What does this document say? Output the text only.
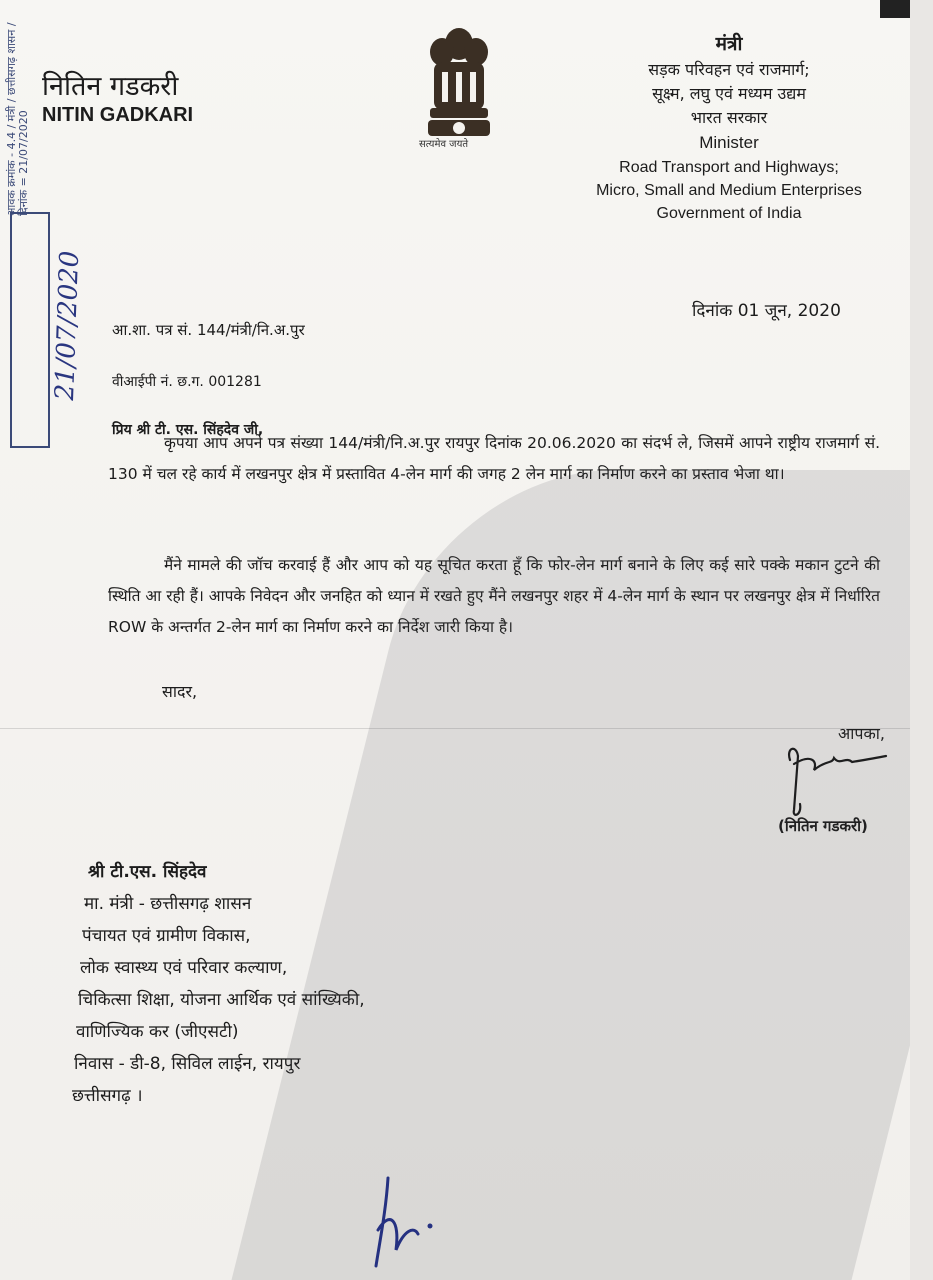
नितिन गडकरी
NITIN GADKARI
सत्यमेव जयते
मंत्री
सड़क परिवहन एवं राजमार्ग;
सूक्ष्म, लघु एवं मध्यम उद्यम
भारत सरकार
Minister
Road Transport and Highways;
Micro, Small and Medium Enterprises
Government of India
आवक क्रमांक - 4.4 / मंत्री / छत्तीसगढ़ शासन / दिनांक = 21/07/2020
21/07/2020	दिनांक 01 जून, 2020
आ.शा. पत्र सं. 144/मंत्री/नि.अ.पुर
वीआईपी नं. छ.ग. 001281
प्रिय श्री टी. एस. सिंहदेव जी,
कृपया आप अपने पत्र संख्या 144/मंत्री/नि.अ.पुर रायपुर दिनांक 20.06.2020 का संदर्भ ले, जिसमें आपने राष्ट्रीय राजमार्ग सं. 130 में चल रहे कार्य में लखनपुर क्षेत्र में प्रस्तावित 4-लेन मार्ग की जगह 2 लेन मार्ग का निर्माण करने का प्रस्ताव भेजा था।
मैंने मामले की जॉच करवाई हैं और आप को यह सूचित करता हूँ कि फोर-लेन मार्ग बनाने के लिए कई सारे पक्के मकान टुटने की स्थिति आ रही हैं। आपके निवेदन और जनहित को ध्यान में रखते हुए मैंने लखनपुर शहर में 4-लेन मार्ग के स्थान पर लखनपुर क्षेत्र में निर्धारित ROW के अन्तर्गत 2-लेन मार्ग का निर्माण करने का निर्देश जारी किया है।
सादर,
आपका,
(नितिन गडकरी)
श्री टी.एस. सिंहदेव
मा. मंत्री - छत्तीसगढ़ शासन
पंचायत एवं ग्रामीण विकास,
लोक स्वास्थ्य एवं परिवार कल्याण,
चिकित्सा शिक्षा, योजना आर्थिक एवं सांख्यिकी,
वाणिज्यिक कर (जीएसटी)
निवास - डी-8, सिविल लाईन, रायपुर
छत्तीसगढ़ ।
